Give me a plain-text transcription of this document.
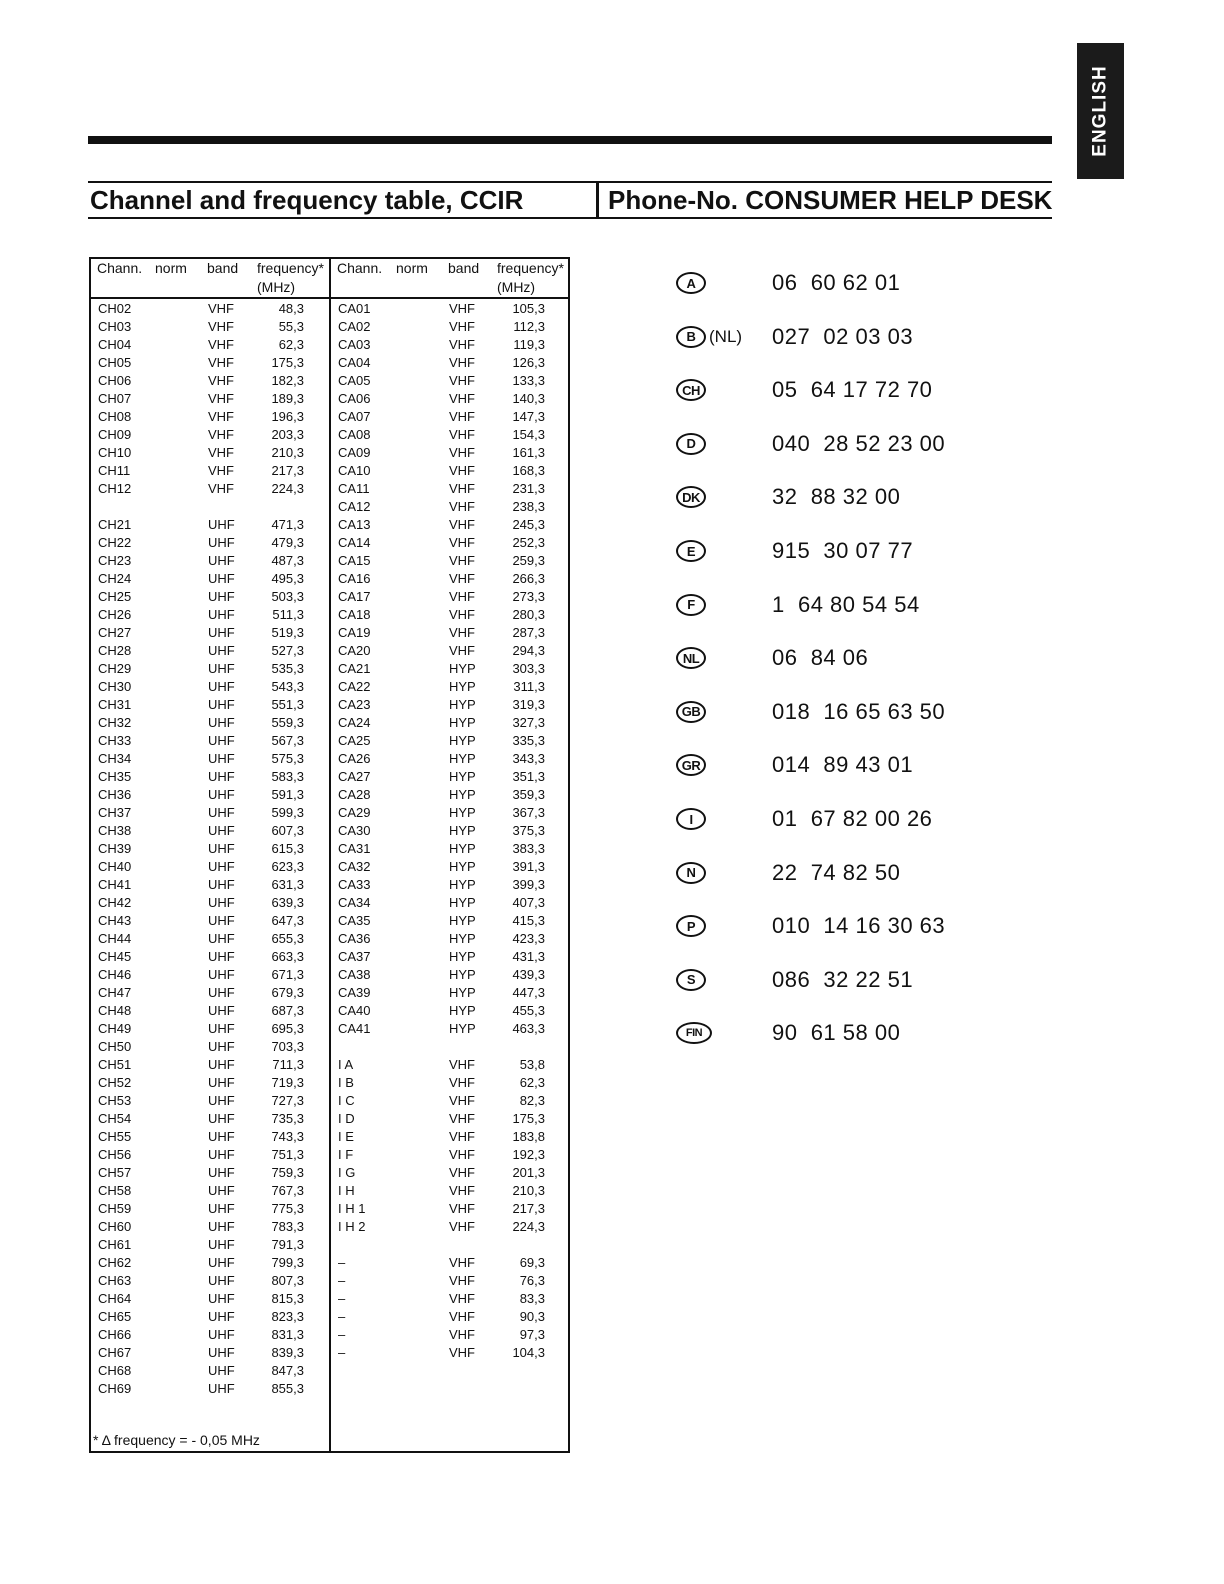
ENGLISH
Channel and frequency table, CCIR	Phone-No. CONSUMER HELP DESK
Chann. norm band frequency*
(MHz)
Chann. norm band frequency*
(MHz)
* Δ frequency = - 0,05 MHz
CH02	VHF	48,3
CH03	VHF	55,3
CH04	VHF	62,3
CH05	VHF	175,3
CH06	VHF	182,3
CH07	VHF	189,3
CH08	VHF	196,3
CH09	VHF	203,3
CH10	VHF	210,3
CH11	VHF	217,3
CH12	VHF	224,3
CH21	UHF	471,3
CH22	UHF	479,3
CH23	UHF	487,3
CH24	UHF	495,3
CH25	UHF	503,3
CH26	UHF	511,3
CH27	UHF	519,3
CH28	UHF	527,3
CH29	UHF	535,3
CH30	UHF	543,3
CH31	UHF	551,3
CH32	UHF	559,3
CH33	UHF	567,3
CH34	UHF	575,3
CH35	UHF	583,3
CH36	UHF	591,3
CH37	UHF	599,3
CH38	UHF	607,3
CH39	UHF	615,3
CH40	UHF	623,3
CH41	UHF	631,3
CH42	UHF	639,3
CH43	UHF	647,3
CH44	UHF	655,3
CH45	UHF	663,3
CH46	UHF	671,3
CH47	UHF	679,3
CH48	UHF	687,3
CH49	UHF	695,3
CH50	UHF	703,3
CH51	UHF	711,3
CH52	UHF	719,3
CH53	UHF	727,3
CH54	UHF	735,3
CH55	UHF	743,3
CH56	UHF	751,3
CH57	UHF	759,3
CH58	UHF	767,3
CH59	UHF	775,3
CH60	UHF	783,3
CH61	UHF	791,3
CH62	UHF	799,3
CH63	UHF	807,3
CH64	UHF	815,3
CH65	UHF	823,3
CH66	UHF	831,3
CH67	UHF	839,3
CH68	UHF	847,3
CH69	UHF	855,3
CA01	VHF	105,3
CA02	VHF	112,3
CA03	VHF	119,3
CA04	VHF	126,3
CA05	VHF	133,3
CA06	VHF	140,3
CA07	VHF	147,3
CA08	VHF	154,3
CA09	VHF	161,3
CA10	VHF	168,3
CA11	VHF	231,3
CA12	VHF	238,3
CA13	VHF	245,3
CA14	VHF	252,3
CA15	VHF	259,3
CA16	VHF	266,3
CA17	VHF	273,3
CA18	VHF	280,3
CA19	VHF	287,3
CA20	VHF	294,3
CA21	HYP	303,3
CA22	HYP	311,3
CA23	HYP	319,3
CA24	HYP	327,3
CA25	HYP	335,3
CA26	HYP	343,3
CA27	HYP	351,3
CA28	HYP	359,3
CA29	HYP	367,3
CA30	HYP	375,3
CA31	HYP	383,3
CA32	HYP	391,3
CA33	HYP	399,3
CA34	HYP	407,3
CA35	HYP	415,3
CA36	HYP	423,3
CA37	HYP	431,3
CA38	HYP	439,3
CA39	HYP	447,3
CA40	HYP	455,3
CA41	HYP	463,3
I A	VHF	53,8
I B	VHF	62,3
I C	VHF	82,3
I D	VHF	175,3
I E	VHF	183,8
I F	VHF	192,3
I G	VHF	201,3
I H	VHF	210,3
I H 1	VHF	217,3
I H 2	VHF	224,3
–	VHF	69,3
–	VHF	76,3
–	VHF	83,3
–	VHF	90,3
–	VHF	97,3
–	VHF	104,3
A	06  60 62 01
B (NL) 027  02 03 03
CH	05  64 17 72 70
D	040  28 52 23 00
DK	32  88 32 00
E	915  30 07 77
F	1  64 80 54 54
NL	06  84 06
GB	018  16 65 63 50
GR	014  89 43 01
I	01  67 82 00 26
N	22  74 82 50
P	010  14 16 30 63
S	086  32 22 51
FIN	90  61 58 00
